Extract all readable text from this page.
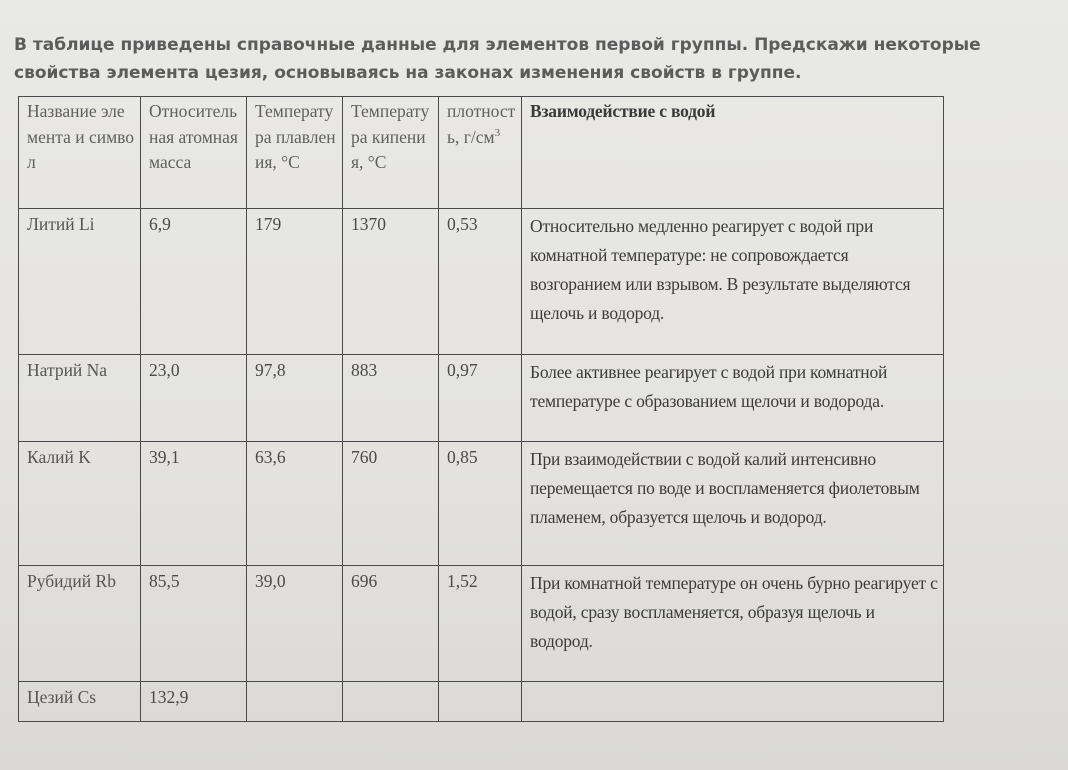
В таблице приведены справочные данные для элементов первой группы. Предскажи некоторые
свойства элемента цезия, основываясь на законах изменения свойств в группе.
Название элемента и символ	Относительная атомная масса	Температура плавления, °C	Температура кипения, °C	плотность, $г/см^3$	Взаимодействие с водой
Литий Li	6,9	179	1370	0,53	Относительно медленно реагирует с водой при комнатной температуре: не сопровождается возгоранием или взрывом. В результате выделяются щелочь и водород.
Натрий Na	23,0	97,8	883	0,97	Более активнее реагирует с водой при комнатной температуре с образованием щелочи и водорода.
Калий K	39,1	63,6	760	0,85	При взаимодействии с водой калий интенсивно перемещается по воде и воспламеняется фиолетовым пламенем, образуется щелочь и водород.
Рубидий Rb	85,5	39,0	696	1,52	При комнатной температуре он очень бурно реагирует с водой, сразу воспламеняется, образуя щелочь и водород.
Цезий Cs	132,9				
